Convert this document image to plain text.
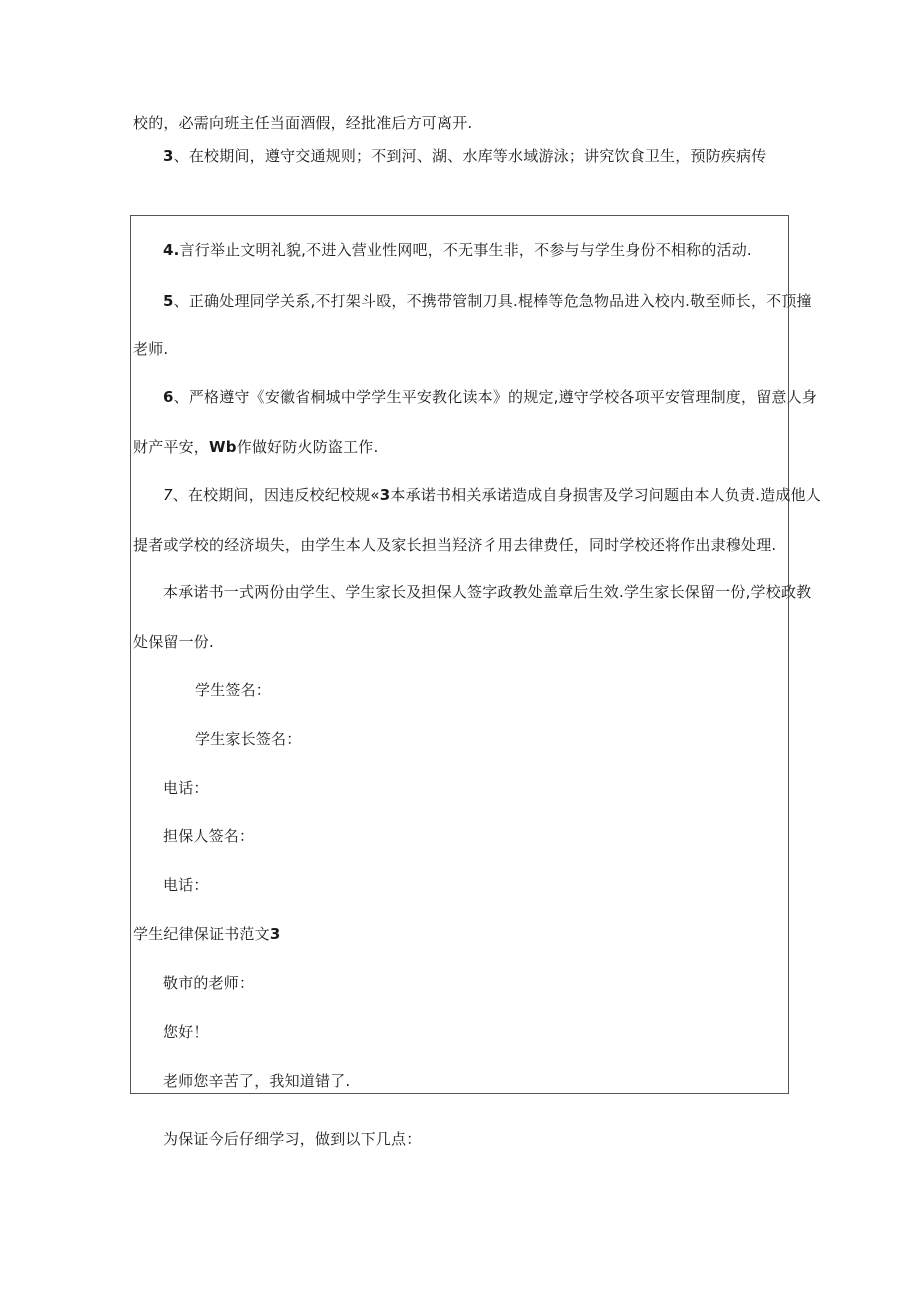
校的，必需向班主任当面酒假，经批准后方可离开.
3、在校期间，遵守交通规则；不到河、湖、水库等水域游泳；讲究饮食卫生，预防疾病传
4.言行举止文明礼貌,不进入营业性网吧，不无事生非，不参与与学生身份不相称的活动.
5、正确处理同学关系,不打架斗殴，不携带管制刀具.棍棒等危急物品进入校内.敬至师长，不顶撞
老师.
6、严格遵守《安徽省桐城中学学生平安教化读本》的规定,遵守学校各项平安管理制度，留意人身
财产平安，Wb作做好防火防盗工作.
7、在校期间，因违反校纪校规«3本承诺书相关承诺造成自身损害及学习问题由本人负责.造成他人
提者或学校的经济埙失，由学生本人及家长担当羟济彳用去律费任，同时学校还将作出隶穆处理.
本承诺书一式两份由学生、学生家长及担保人签字政教处盖章后生效.学生家长保留一份,学校政教
处保留一份.
学生签名：
学生家长签名：
电话：
担保人签名：
电话：
学生纪律保证书范文3
敬市的老师：
您好！
老师您辛苦了，我知道错了.
为保证今后仔细学习，做到以下几点：
